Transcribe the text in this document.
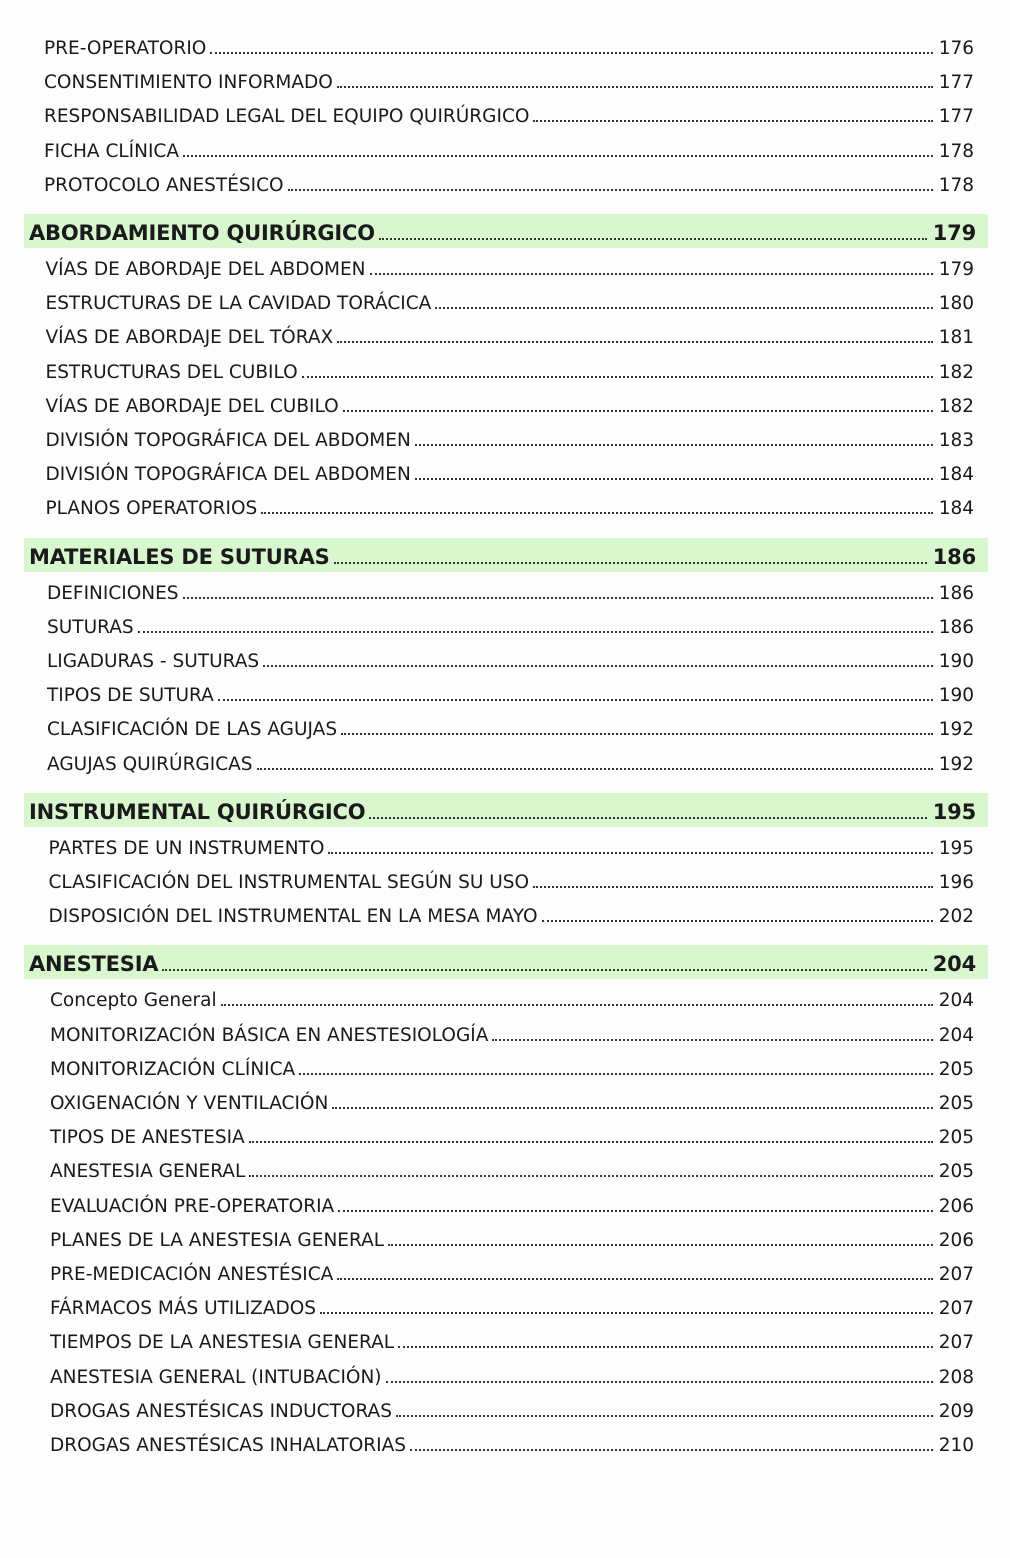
PRE-OPERATORIO	176
CONSENTIMIENTO INFORMADO	177
RESPONSABILIDAD LEGAL DEL EQUIPO QUIRÚRGICO	177
FICHA CLÍNICA	178
PROTOCOLO ANESTÉSICO	178
ABORDAMIENTO QUIRÚRGICO	179
VÍAS DE ABORDAJE DEL ABDOMEN	179
ESTRUCTURAS DE LA CAVIDAD TORÁCICA	180
VÍAS DE ABORDAJE DEL TÓRAX	181
ESTRUCTURAS DEL CUBILO	182
VÍAS DE ABORDAJE DEL CUBILO	182
DIVISIÓN TOPOGRÁFICA DEL ABDOMEN	183
DIVISIÓN TOPOGRÁFICA DEL ABDOMEN	184
PLANOS OPERATORIOS	184
MATERIALES DE SUTURAS	186
DEFINICIONES	186
SUTURAS	186
LIGADURAS - SUTURAS	190
TIPOS DE SUTURA	190
CLASIFICACIÓN DE LAS AGUJAS	192
AGUJAS QUIRÚRGICAS	192
INSTRUMENTAL QUIRÚRGICO	195
PARTES DE UN INSTRUMENTO	195
CLASIFICACIÓN DEL INSTRUMENTAL SEGÚN SU USO	196
DISPOSICIÓN DEL INSTRUMENTAL EN LA MESA MAYO	202
ANESTESIA	204
Concepto General	204
MONITORIZACIÓN BÁSICA EN ANESTESIOLOGÍA	204
MONITORIZACIÓN CLÍNICA	205
OXIGENACIÓN Y VENTILACIÓN	205
TIPOS DE ANESTESIA	205
ANESTESIA GENERAL	205
EVALUACIÓN PRE-OPERATORIA	206
PLANES DE LA ANESTESIA GENERAL	206
PRE-MEDICACIÓN ANESTÉSICA	207
FÁRMACOS MÁS UTILIZADOS	207
TIEMPOS DE LA ANESTESIA GENERAL	207
ANESTESIA GENERAL (INTUBACIÓN)	208
DROGAS ANESTÉSICAS INDUCTORAS	209
DROGAS ANESTÉSICAS INHALATORIAS	210
